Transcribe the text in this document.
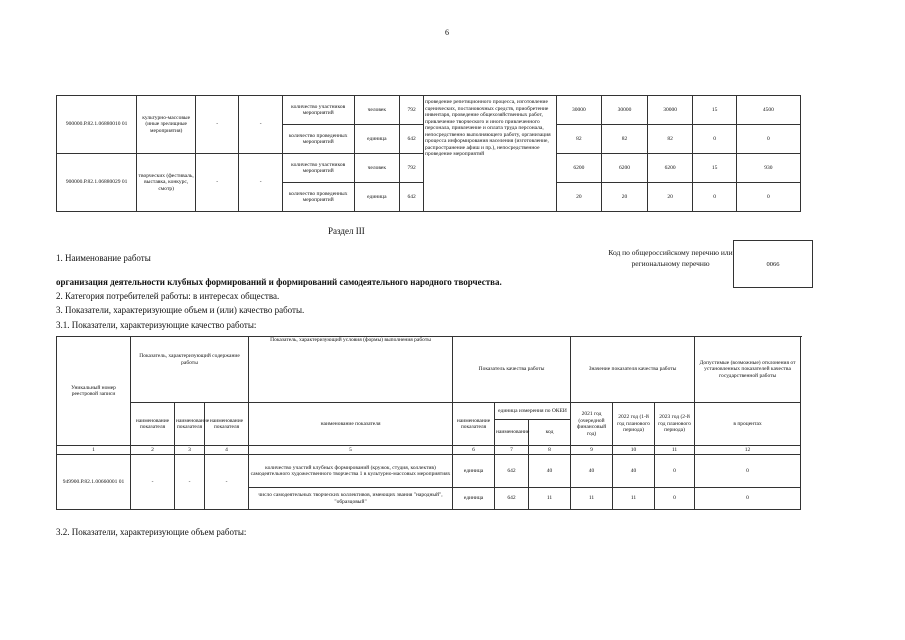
6
900000.Р.82.1.06880010 01	культурно-массовые (иные зрелищные мероприятия)	-	-	количество участников мероприятий	человек	792	проведение репетиционного процесса, изготовление сценических, постановочных средств, приобретение инвентаря, проведение общехозяйственных работ, привлечение творческого и иного привлеченного персонала, привлечение и оплата труда персонала, непосредственно выполняющего работу, организация процесса информирования населения (изготовление, распространение афиш и пр.), непосредственное проведение мероприятий	30000	30000	30000	15	4500
				количество проведенных мероприятий	единица	642		82	82	82	0	0
900000.Р.82.1.06880029 01	творческих (фестиваль, выставка, конкурс, смотр)	-	-	количество участников мероприятий	человек	792		6200	6200	6200	15	930
				количество проведенных мероприятий	единица	642		20	20	20	0	0
Раздел III
1. Наименование работы
Код по общероссийскому перечню или региональному перечню	0066
организация деятельности клубных формирований и формирований самодеятельного народного творчества.
2. Категория потребителей работы: в интересах общества.
3. Показатели, характеризующие объем и (или) качество работы.
3.1. Показатели, характеризующие качество работы:
Уникальный номер реестровой записи	Показатель, характеризующий содержание работы			Показатель, характеризующий условия (формы) выполнения работы	Показатель качества работы			Значение показателя качества работы			Допустимые (возможные) отклонения от установленных показателей качества государственной работы	
	наименование показателя	наименование показателя	наименование показателя	наименование показателя	наименование показателя	единица измерения по ОКЕИ		2021 год (очередной финансовый год)	2022 год (1-й год планового периода)	2023 год (2-й год планового периода)	в процентах	
						наименование	код					
1	2	3	4	5	6	7	8	9	10	11	12	
949900.Р.82.1.00660001 01	-	-	-	количество участий клубных формирований (кружок, студия, коллектив) самодеятельного художественного творчества 1 в культурно-массовых мероприятиях	единица	642	40	40	40	0	0	
				число самодеятельных творческих коллективов, имеющих звания "народный", "образцовый"	единица	642	11	11	11	0	0	
3.2. Показатели, характеризующие объем работы:
